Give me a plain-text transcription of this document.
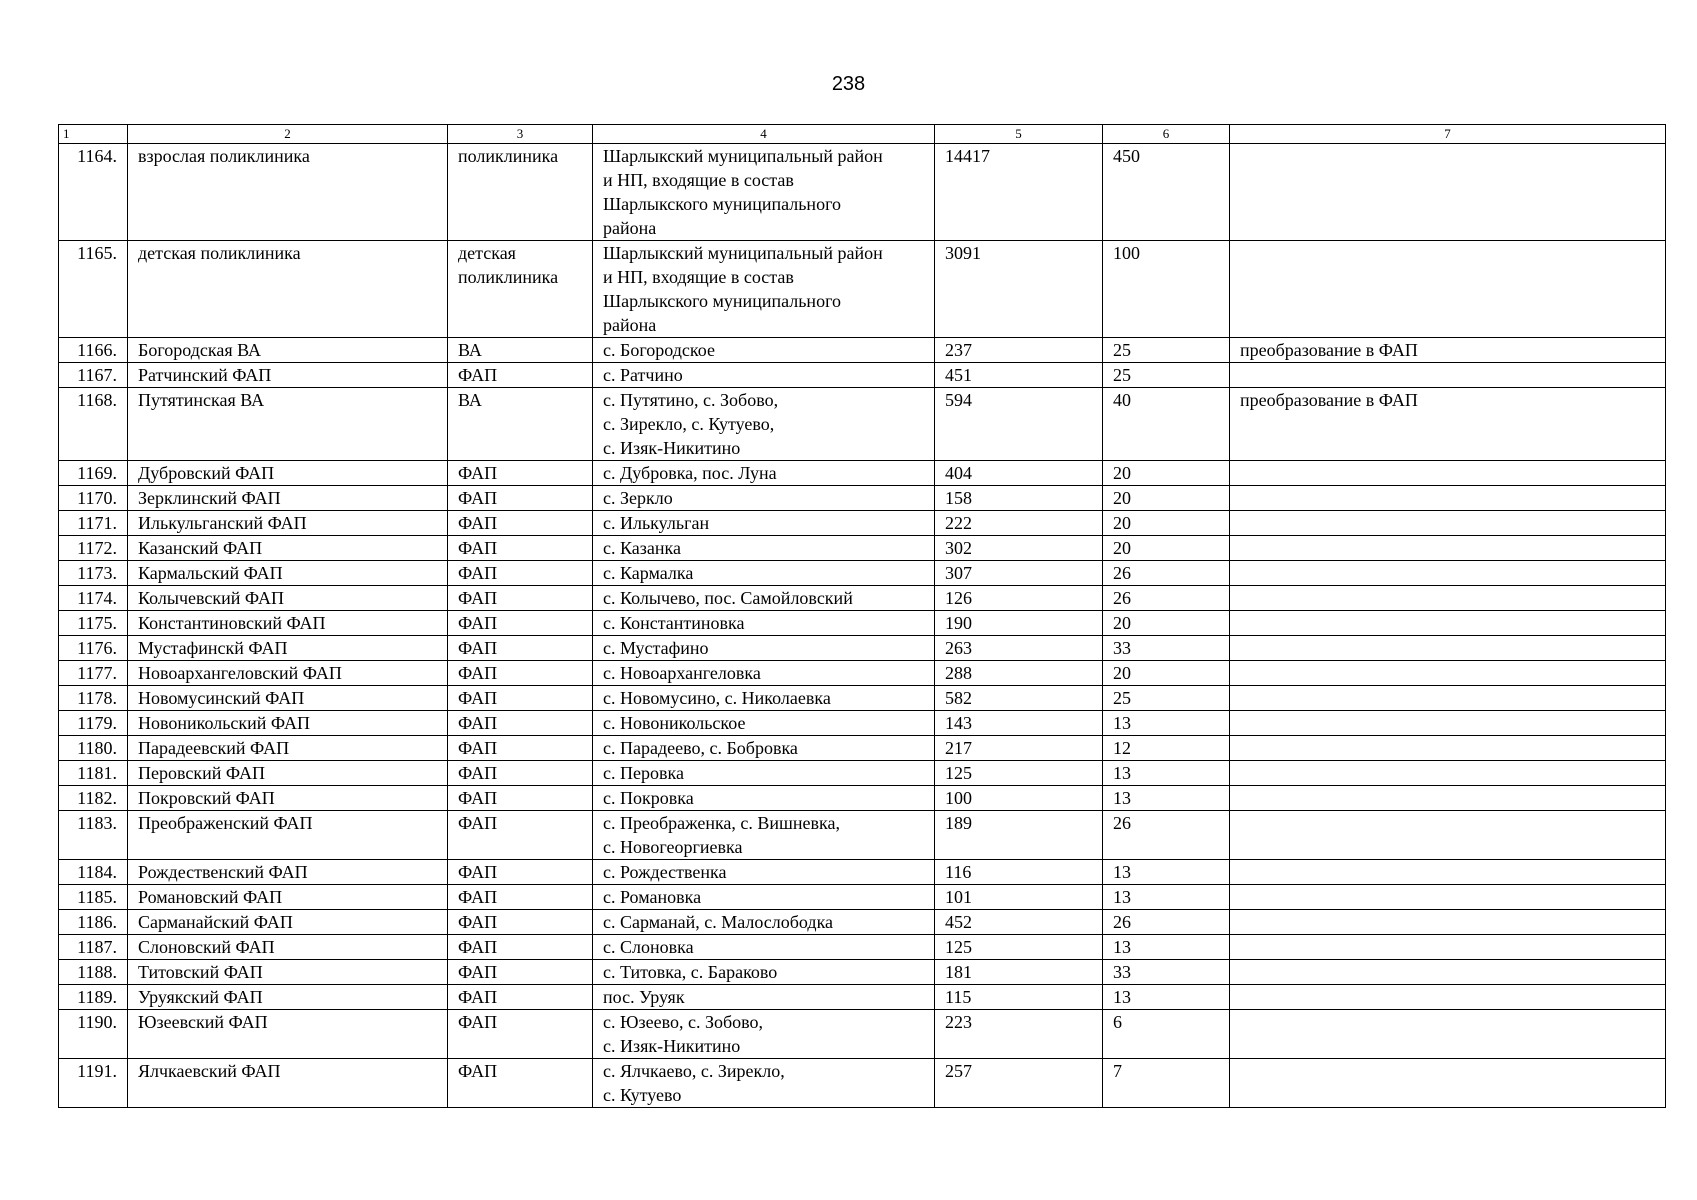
238
1	2	3	4	5	6	7
1164.	взрослая поликлиника	поликлиника	Шарлыкский муниципальный район
и НП, входящие в состав
Шарлыкского муниципального
района	14417	450	
1165.	детская поликлиника	детская
поликлиника	Шарлыкский муниципальный район
и НП, входящие в состав
Шарлыкского муниципального
района	3091	100	
1166.	Богородская ВА	ВА	с. Богородское	237	25	преобразование в ФАП
1167.	Ратчинский ФАП	ФАП	с. Ратчино	451	25	
1168.	Путятинская ВА	ВА	с. Путятино, с. Зобово,
с. Зирекло, с. Кутуево,
с. Изяк-Никитино	594	40	преобразование в ФАП
1169.	Дубровский ФАП	ФАП	с. Дубровка, пос. Луна	404	20	
1170.	Зерклинский ФАП	ФАП	с. Зеркло	158	20	
1171.	Илькульганский ФАП	ФАП	с. Илькульган	222	20	
1172.	Казанский ФАП	ФАП	с. Казанка	302	20	
1173.	Кармальский ФАП	ФАП	с. Кармалка	307	26	
1174.	Колычевский ФАП	ФАП	с. Колычево, пос. Самойловский	126	26	
1175.	Константиновский ФАП	ФАП	с. Константиновка	190	20	
1176.	Мустафинскй ФАП	ФАП	с. Мустафино	263	33	
1177.	Новоархангеловский ФАП	ФАП	с. Новоархангеловка	288	20	
1178.	Новомусинский ФАП	ФАП	с. Новомусино, с. Николаевка	582	25	
1179.	Новоникольский ФАП	ФАП	с. Новоникольское	143	13	
1180.	Парадеевский ФАП	ФАП	с. Парадеево, с. Бобровка	217	12	
1181.	Перовский ФАП	ФАП	с. Перовка	125	13	
1182.	Покровский ФАП	ФАП	с. Покровка	100	13	
1183.	Преображенский ФАП	ФАП	с. Преображенка, с. Вишневка,
с. Новогеоргиевка	189	26	
1184.	Рождественский ФАП	ФАП	с. Рождественка	116	13	
1185.	Романовский ФАП	ФАП	с. Романовка	101	13	
1186.	Сарманайский ФАП	ФАП	с. Сарманай, с. Малослободка	452	26	
1187.	Слоновский ФАП	ФАП	с. Слоновка	125	13	
1188.	Титовский ФАП	ФАП	с. Титовка, с. Бараково	181	33	
1189.	Уруякский ФАП	ФАП	пос. Уруяк	115	13	
1190.	Юзеевский ФАП	ФАП	с. Юзеево, с. Зобово,
с. Изяк-Никитино	223	6	
1191.	Ялчкаевский ФАП	ФАП	с. Ялчкаево, с. Зирекло,
с. Кутуево	257	7	
